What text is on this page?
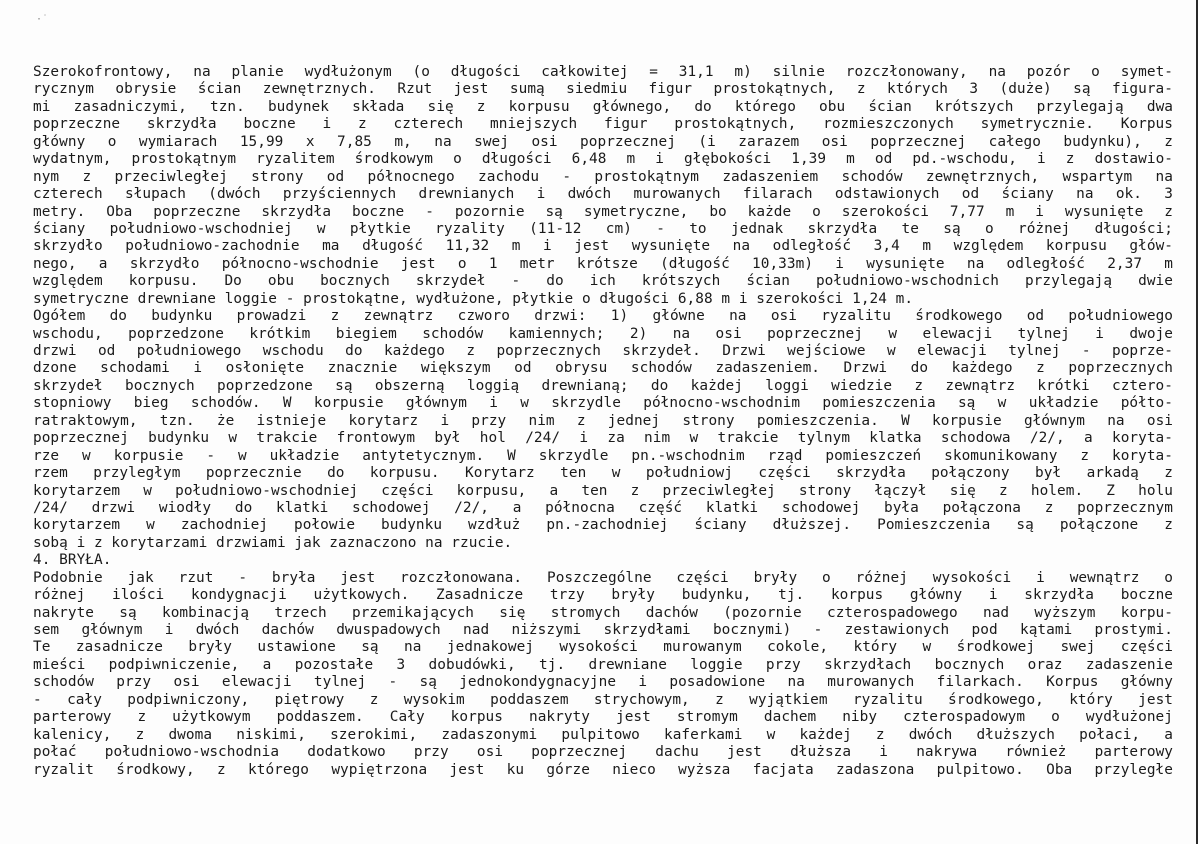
·˙
Szerokofrontowy, na planie wydłużonym (o długości całkowitej = 31,1 m) silnie rozczłonowany, na pozór o symet-
rycznym obrysie ścian zewnętrznych. Rzut jest sumą siedmiu figur prostokątnych, z których 3 (duże) są figura-
mi zasadniczymi, tzn. budynek składa się z korpusu głównego, do którego obu ścian krótszych przylegają dwa
poprzeczne skrzydła boczne i z czterech mniejszych figur prostokątnych, rozmieszczonych symetrycznie. Korpus
główny o wymiarach 15,99 x 7,85 m, na swej osi poprzecznej (i zarazem osi poprzecznej całego budynku), z
wydatnym, prostokątnym ryzalitem środkowym o długości 6,48 m i głębokości 1,39 m od pd.-wschodu, i z dostawio-
nym z przeciwległej strony od północnego zachodu - prostokątnym zadaszeniem schodów zewnętrznych, wspartym na
czterech słupach (dwóch przyściennych drewnianych i dwóch murowanych filarach odstawionych od ściany na ok. 3
metry. Oba poprzeczne skrzydła boczne - pozornie są symetryczne, bo każde o szerokości 7,77 m i wysunięte z
ściany południowo-wschodniej w płytkie ryzality (11-12 cm) - to jednak skrzydła te są o różnej długości;
skrzydło południowo-zachodnie ma długość 11,32 m i jest wysunięte na odległość 3,4 m względem korpusu głów-
nego, a skrzydło północno-wschodnie jest o 1 metr krótsze (długość 10,33m) i wysunięte na odległość 2,37 m
względem korpusu. Do obu bocznych skrzydeł - do ich krótszych ścian południowo-wschodnich przylegają dwie
symetryczne drewniane loggie - prostokątne, wydłużone, płytkie o długości 6,88 m i szerokości 1,24 m.
Ogółem do budynku prowadzi z zewnątrz czworo drzwi: 1) główne na osi ryzalitu środkowego od południowego
wschodu, poprzedzone krótkim biegiem schodów kamiennych; 2) na osi poprzecznej w elewacji tylnej i dwoje
drzwi od południowego wschodu do każdego z poprzecznych skrzydeł. Drzwi wejściowe w elewacji tylnej - poprze-
dzone schodami i osłonięte znacznie większym od obrysu schodów zadaszeniem. Drzwi do każdego z poprzecznych
skrzydeł bocznych poprzedzone są obszerną loggią drewnianą; do każdej loggi wiedzie z zewnątrz krótki cztero-
stopniowy bieg schodów. W korpusie głównym i w skrzydle północno-wschodnim pomieszczenia są w układzie półto-
ratraktowym, tzn. że istnieje korytarz i przy nim z jednej strony pomieszczenia. W korpusie głównym na osi
poprzecznej budynku w trakcie frontowym był hol /24/ i za nim w trakcie tylnym klatka schodowa /2/, a koryta-
rze w korpusie - w układzie antytetycznym. W skrzydle pn.-wschodnim rząd pomieszczeń skomunikowany z koryta-
rzem przyległym poprzecznie do korpusu. Korytarz ten w południowj części skrzydła połączony był arkadą z
korytarzem w południowo-wschodniej części korpusu, a ten z przeciwległej strony łączył się z holem. Z holu
/24/ drzwi wiodły do klatki schodowej /2/, a północna część klatki schodowej była połączona z poprzecznym
korytarzem w zachodniej połowie budynku wzdłuż pn.-zachodniej ściany dłuższej. Pomieszczenia są połączone z
sobą i z korytarzami drzwiami jak zaznaczono na rzucie.
4. BRYŁA.
Podobnie jak rzut - bryła jest rozczłonowana. Poszczególne części bryły o różnej wysokości i wewnątrz o
różnej ilości kondygnacji użytkowych. Zasadnicze trzy bryły budynku, tj. korpus główny i skrzydła boczne
nakryte są kombinacją trzech przemikających się stromych dachów (pozornie czterospadowego nad wyższym korpu-
sem głównym i dwóch dachów dwuspadowych nad niższymi skrzydłami bocznymi) - zestawionych pod kątami prostymi.
Te zasadnicze bryły ustawione są na jednakowej wysokości murowanym cokole, który w środkowej swej części
mieści podpiwniczenie, a pozostałe 3 dobudówki, tj. drewniane loggie przy skrzydłach bocznych oraz zadaszenie
schodów przy osi elewacji tylnej - są jednokondygnacyjne i posadowione na murowanych filarkach. Korpus główny
- cały podpiwniczony, piętrowy z wysokim poddaszem strychowym, z wyjątkiem ryzalitu środkowego, który jest
parterowy z użytkowym poddaszem. Cały korpus nakryty jest stromym dachem niby czterospadowym o wydłużonej
kalenicy, z dwoma niskimi, szerokimi, zadaszonymi pulpitowo kaferkami w każdej z dwóch dłuższych połaci, a
połać południowo-wschodnia dodatkowo przy osi poprzecznej dachu jest dłuższa i nakrywa również parterowy
ryzalit środkowy, z którego wypiętrzona jest ku górze nieco wyższa facjata zadaszona pulpitowo. Oba przyległe
